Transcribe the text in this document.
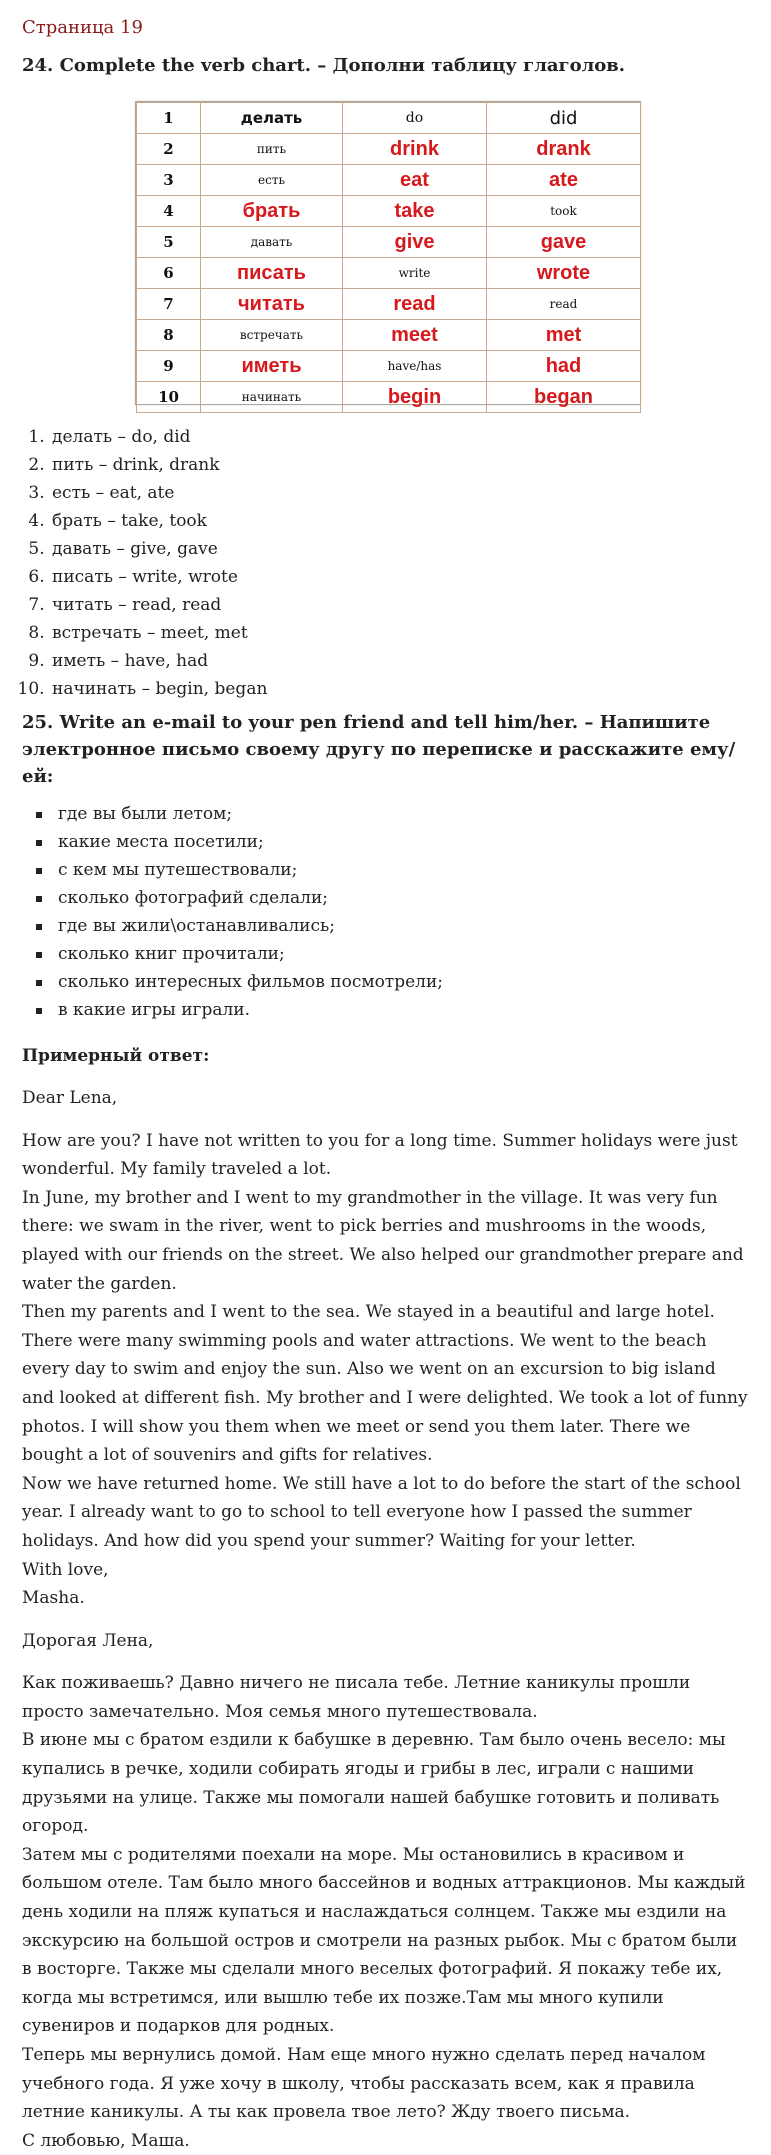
Страница 19
24. Complete the verb chart. – Дополни таблицу глаголов.
1	делать	do	did
2	пить	drink	drank
3	есть	eat	ate
4	брать	take	took
5	давать	give	gave
6	писать	write	wrote
7	читать	read	read
8	встречать	meet	met
9	иметь	have/has	had
10	начинать	begin	began
1. делать – do, did
2. пить – drink, drank
3. есть – eat, ate
4. брать – take, took
5. давать – give, gave
6. писать – write, wrote
7. читать – read, read
8. встречать – meet, met
9. иметь – have, had
10. начинать – begin, began
25. Write an e-mail to your pen friend and tell him/her. – Напишите электронное письмо своему другу по переписке и расскажите ему/ей:
где вы были летом;
какие места посетили;
с кем мы путешествовали;
сколько фотографий сделали;
где вы жили\останавливались;
сколько книг прочитали;
сколько интересных фильмов посмотрели;
в какие игры играли.
Примерный ответ:

Dear Lena,

How are you? I have not written to you for a long time. Summer holidays were just wonderful. My family traveled a lot.
In June, my brother and I went to my grandmother in the village. It was very fun there: we swam in the river, went to pick berries and mushrooms in the woods, played with our friends on the street. We also helped our grandmother prepare and water the garden.
Then my parents and I went to the sea. We stayed in a beautiful and large hotel. There were many swimming pools and water attractions. We went to the beach every day to swim and enjoy the sun. Also we went on an excursion to big island and looked at different fish. My brother and I were delighted. We took a lot of funny photos. I will show you them when we meet or send you them later. There we bought a lot of souvenirs and gifts for relatives.
Now we have returned home. We still have a lot to do before the start of the school year. I already want to go to school to tell everyone how I passed the summer holidays. And how did you spend your summer? Waiting for your letter.
With love,
Masha.

Дорогая Лена,

Как поживаешь? Давно ничего не писала тебе. Летние каникулы прошли просто замечательно. Моя семья много путешествовала.
В июне мы с братом ездили к бабушке в деревню. Там было очень весело: мы купались в речке, ходили собирать ягоды и грибы в лес, играли с нашими друзьями на улице. Также мы помогали нашей бабушке готовить и поливать огород.
Затем мы с родителями поехали на море. Мы остановились в красивом и большом отеле. Там было много бассейнов и водных аттракционов. Мы каждый день ходили на пляж купаться и наслаждаться солнцем. Также мы ездили на экскурсию на большой остров и смотрели на разных рыбок. Мы с братом были в восторге. Также мы сделали много веселых фотографий. Я покажу тебе их, когда мы встретимся, или вышлю тебе их позже.Там мы много купили сувениров и подарков для родных.
Теперь мы вернулись домой. Нам еще много нужно сделать перед началом учебного года. Я уже хочу в школу, чтобы рассказать всем, как я правила летние каникулы. А ты как провела твое лето? Жду твоего письма.
С любовью, Маша.
